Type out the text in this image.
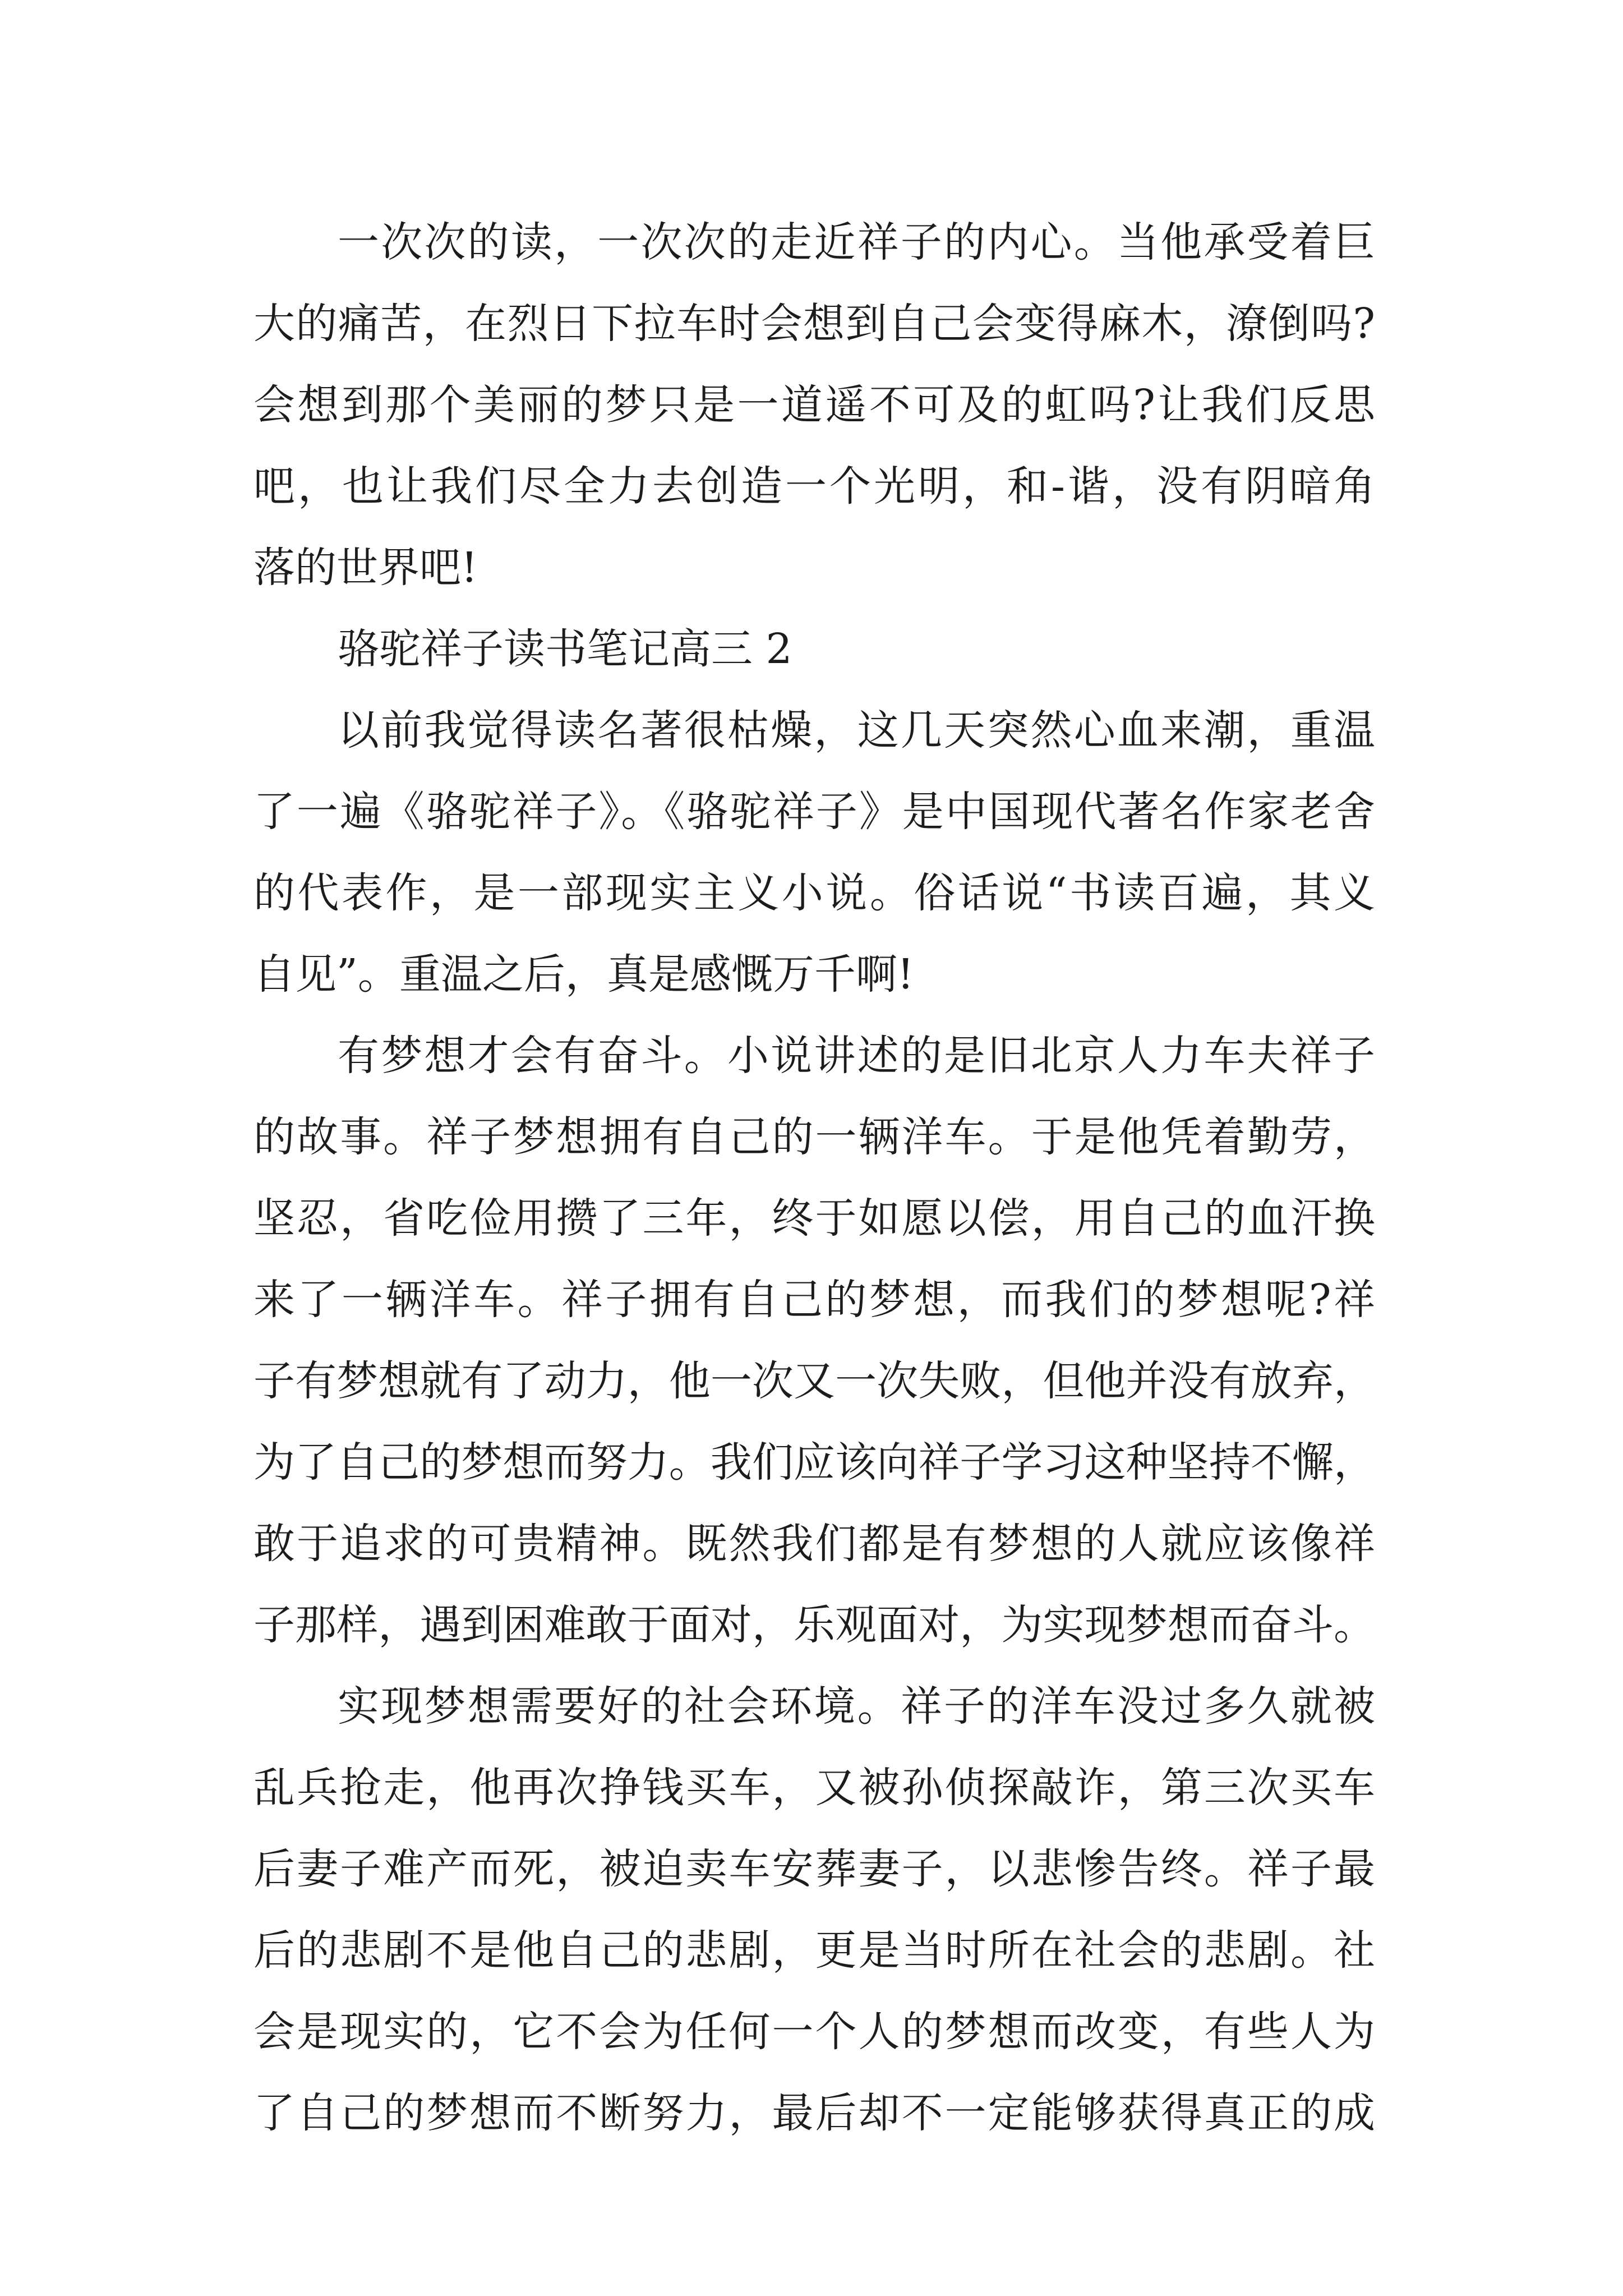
一次次的读，一次次的走近祥子的内心。当他承受着巨
大的痛苦，在烈日下拉车时会想到自己会变得麻木，潦倒吗?
会想到那个美丽的梦只是一道遥不可及的虹吗?让我们反思
吧，也让我们尽全力去创造一个光明，和-谐，没有阴暗角
落的世界吧!
骆驼祥子读书笔记高三 2
以前我觉得读名著很枯燥，这几天突然心血来潮，重温
了一遍《骆驼祥子》。《骆驼祥子》是中国现代著名作家老舍
的代表作，是一部现实主义小说。俗话说“书读百遍，其义
自见”。重温之后，真是感慨万千啊!
有梦想才会有奋斗。小说讲述的是旧北京人力车夫祥子
的故事。祥子梦想拥有自己的一辆洋车。于是他凭着勤劳，
坚忍，省吃俭用攒了三年，终于如愿以偿，用自己的血汗换
来了一辆洋车。祥子拥有自己的梦想，而我们的梦想呢?祥
子有梦想就有了动力，他一次又一次失败，但他并没有放弃，
为了自己的梦想而努力。我们应该向祥子学习这种坚持不懈，
敢于追求的可贵精神。既然我们都是有梦想的人就应该像祥
子那样，遇到困难敢于面对，乐观面对，为实现梦想而奋斗。
实现梦想需要好的社会环境。祥子的洋车没过多久就被
乱兵抢走，他再次挣钱买车，又被孙侦探敲诈，第三次买车
后妻子难产而死，被迫卖车安葬妻子，以悲惨告终。祥子最
后的悲剧不是他自己的悲剧，更是当时所在社会的悲剧。社
会是现实的，它不会为任何一个人的梦想而改变，有些人为
了自己的梦想而不断努力，最后却不一定能够获得真正的成
